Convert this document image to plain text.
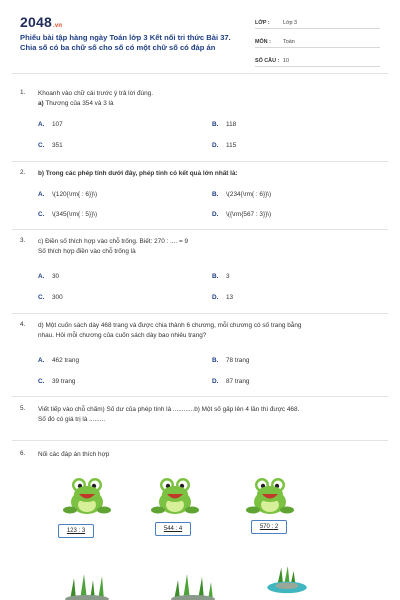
2048.vn
Phiếu bài tập hàng ngày Toán lớp 3 Kết nối tri thức Bài 37. Chia số có ba chữ số cho số có một chữ số có đáp án
LỚP :	Lớp 3
MÔN :	Toán
SỐ CÂU : 10
1. Khoanh vào chữ cái trước ý trả lời đúng.
a) Thương của 354 và 3 là
A. 107	B. 118
C. 351	D. 115
2. b) Trong các phép tính dưới đây, phép tính có kết quả lớn nhất là:
A. \(120{\rm{ : 6}}\)	B. \(234{\rm{ : 6}}\)
C. \(345{\rm{ : 5}}\)	D. \({\rm{567 : 3}}\)
3. c) Điền số thích hợp vào chỗ trống. Biết: 270 : .... = 9
Số thích hợp điền vào chỗ trống là
A. 30	B. 3
C. 300	D. 13
4. d) Một cuốn sách dày 468 trang và được chia thành 6 chương, mỗi chương có số trang bằng
nhau. Hỏi mỗi chương của cuốn sách dày bao nhiêu trang?
A. 462 trang	B. 78 trang
C. 39 trang	D. 87 trang
5. Viết tiếp vào chỗ chấm) Số dư của phép tính là ............b) Một số gấp lên 4 lần thì được 468.
Số đó có giá trị là .........
6. Nối các đáp án thích hợp
123 : 3	544 : 4	570 : 2
